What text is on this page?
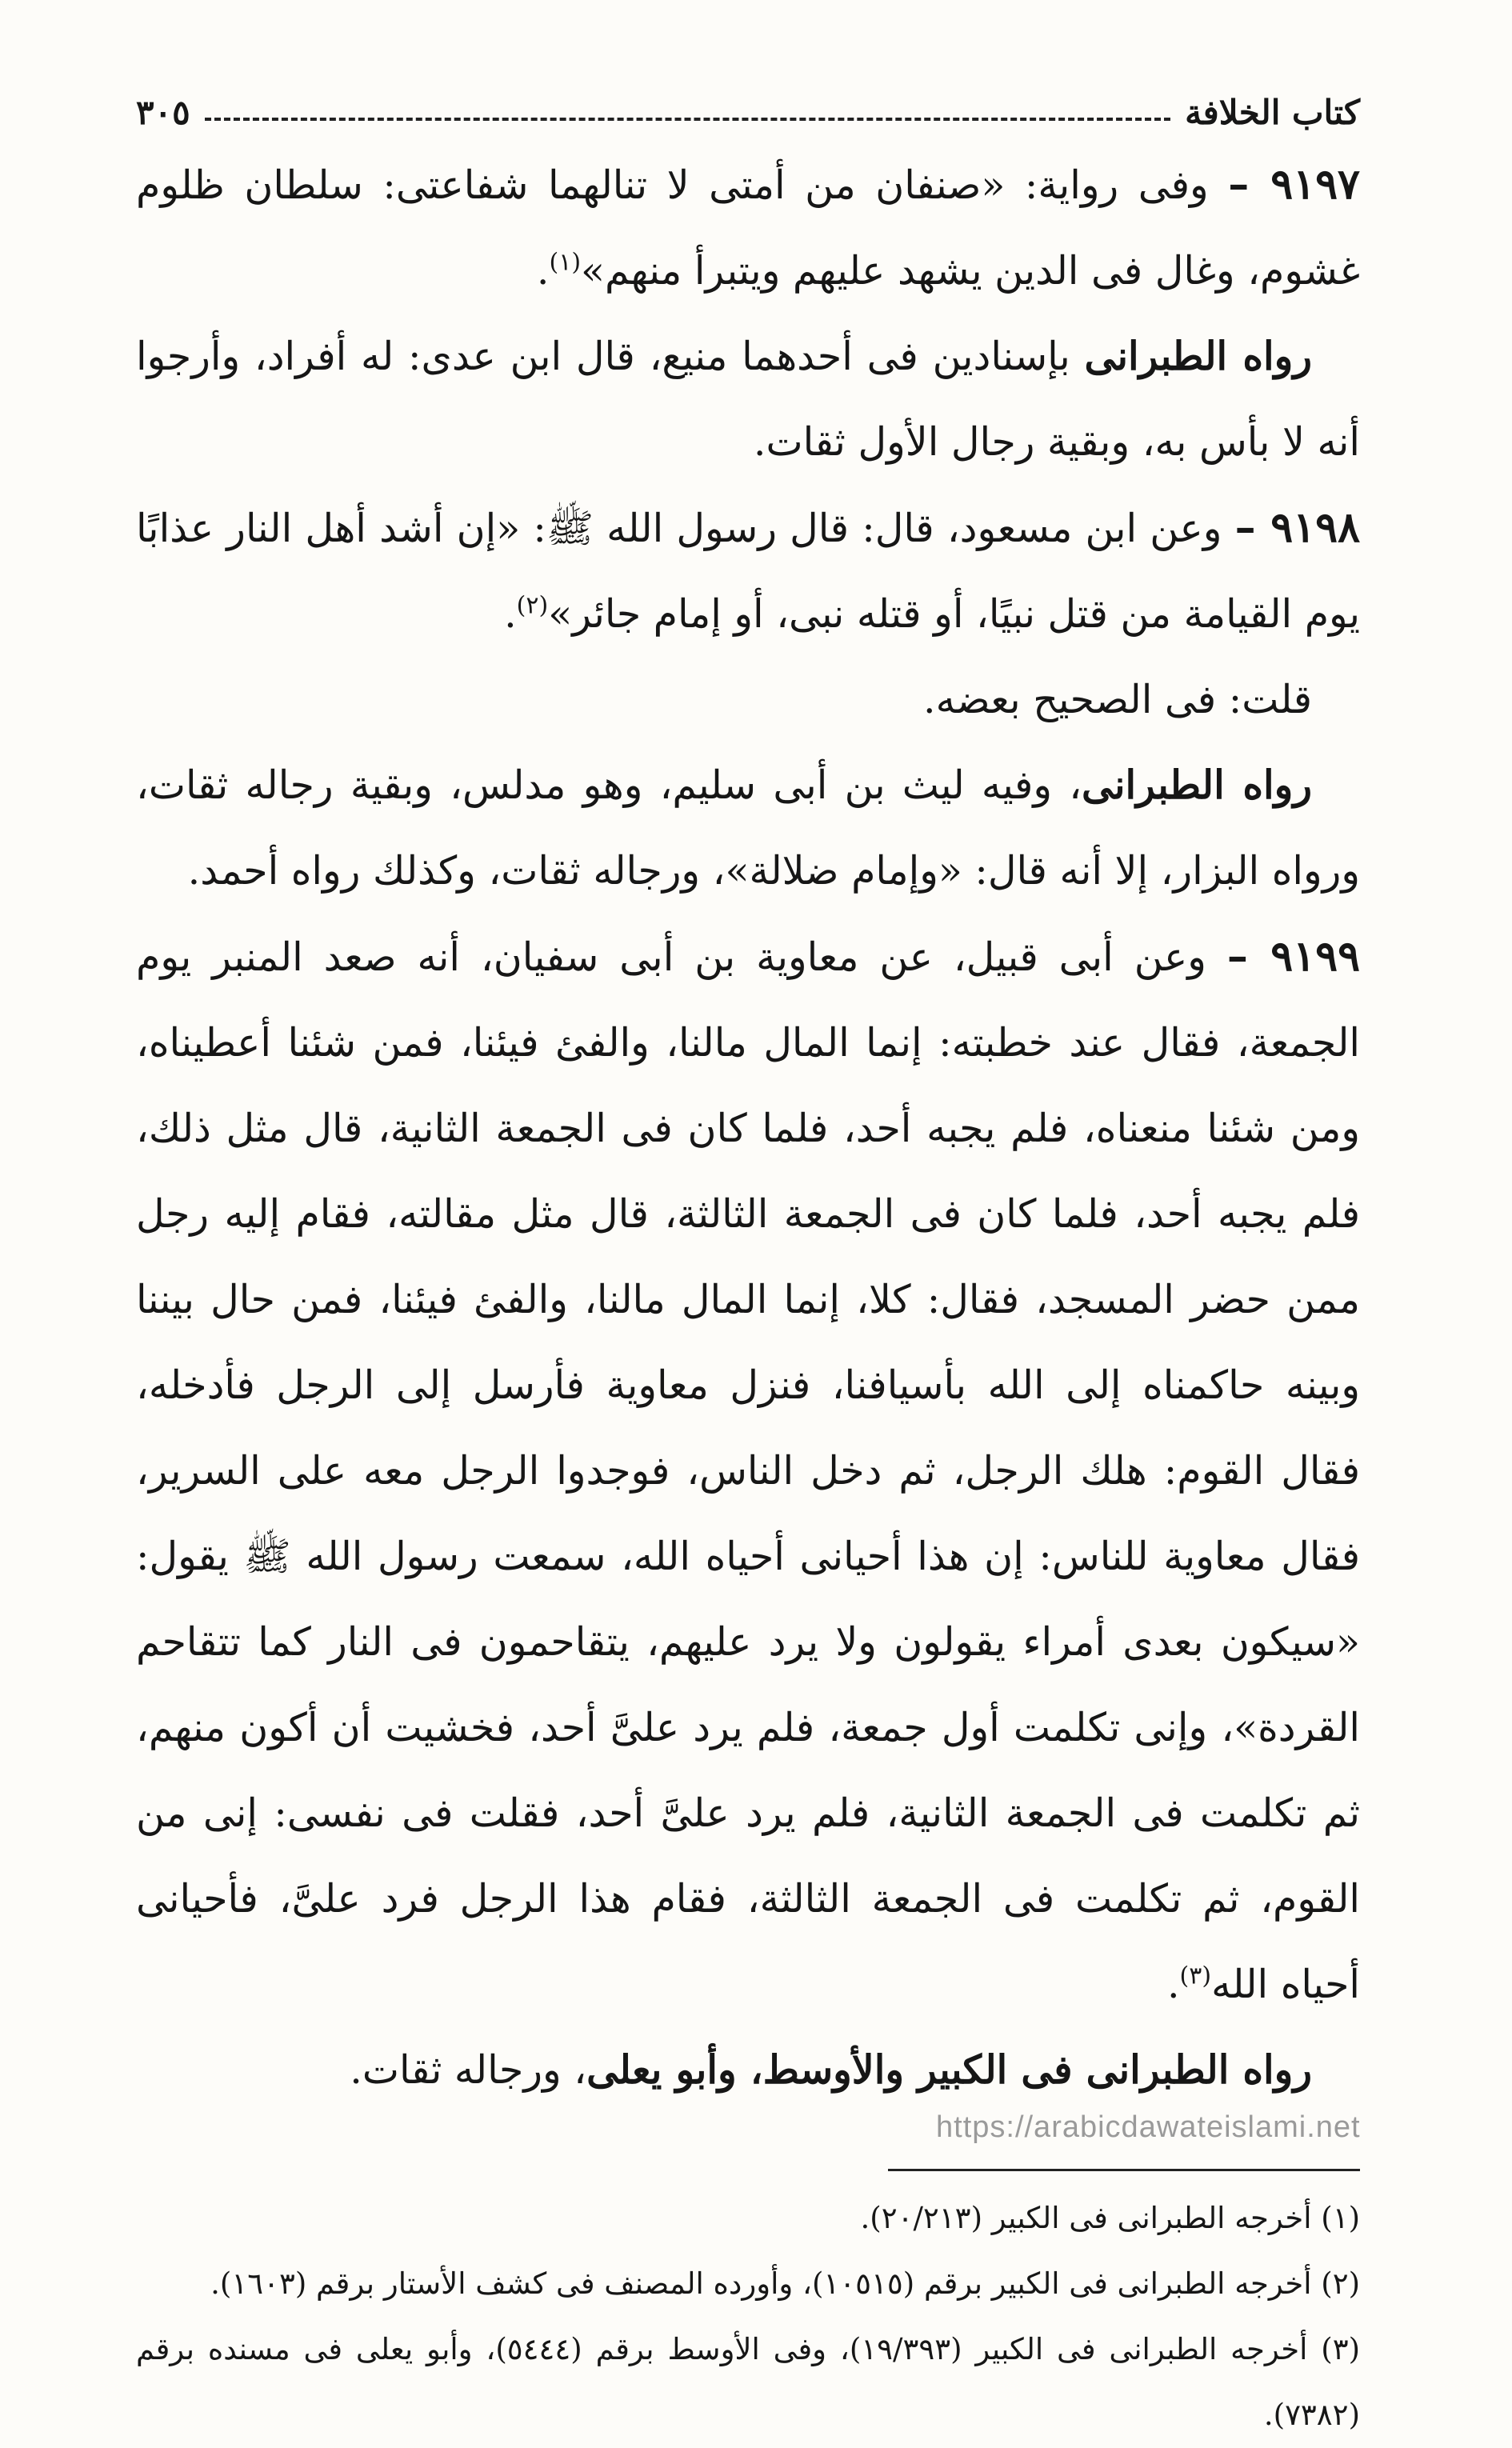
كتاب الخلافة
٣٠٥

٩١٩٧ – وفى رواية: «صنفان من أمتى لا تنالهما شفاعتى: سلطان ظلوم غشوم، وغال فى الدين يشهد عليهم ويتبرأ منهم»$^{(١)}$.

رواه الطبرانى بإسنادين فى أحدهما منيع، قال ابن عدى: له أفراد، وأرجوا أنه لا بأس به، وبقية رجال الأول ثقات.

٩١٩٨ – وعن ابن مسعود، قال: قال رسول الله ﷺ: «إن أشد أهل النار عذابًا يوم القيامة من قتل نبيًا، أو قتله نبى، أو إمام جائر»$^{(٢)}$.

قلت: فى الصحيح بعضه.

رواه الطبرانى، وفيه ليث بن أبى سليم، وهو مدلس، وبقية رجاله ثقات، ورواه البزار، إلا أنه قال: «وإمام ضلالة»، ورجاله ثقات، وكذلك رواه أحمد.

٩١٩٩ – وعن أبى قبيل، عن معاوية بن أبى سفيان، أنه صعد المنبر يوم الجمعة، فقال عند خطبته: إنما المال مالنا، والفئ فيئنا، فمن شئنا أعطيناه، ومن شئنا منعناه، فلم يجبه أحد، فلما كان فى الجمعة الثانية، قال مثل ذلك، فلم يجبه أحد، فلما كان فى الجمعة الثالثة، قال مثل مقالته، فقام إليه رجل ممن حضر المسجد، فقال: كلا، إنما المال مالنا، والفئ فيئنا، فمن حال بيننا وبينه حاكمناه إلى الله بأسيافنا، فنزل معاوية فأرسل إلى الرجل فأدخله، فقال القوم: هلك الرجل، ثم دخل الناس، فوجدوا الرجل معه على السرير، فقال معاوية للناس: إن هذا أحيانى أحياه الله، سمعت رسول الله ﷺ يقول: «سيكون بعدى أمراء يقولون ولا يرد عليهم، يتقاحمون فى النار كما تتقاحم القردة»، وإنى تكلمت أول جمعة، فلم يرد علىَّ أحد، فخشيت أن أكون منهم، ثم تكلمت فى الجمعة الثانية، فلم يرد علىَّ أحد، فقلت فى نفسى: إنى من القوم، ثم تكلمت فى الجمعة الثالثة، فقام هذا الرجل فرد علىَّ، فأحيانى أحياه الله$^{(٣)}$.

رواه الطبرانى فى الكبير والأوسط، وأبو يعلى، ورجاله ثقات.

(١) أخرجه الطبرانى فى الكبير (٢٠/٢١٣).

(٢) أخرجه الطبرانى فى الكبير برقم (١٠٥١٥)، وأورده المصنف فى كشف الأستار برقم (١٦٠٣).

(٣) أخرجه الطبرانى فى الكبير (١٩/٣٩٣)، وفى الأوسط برقم (٥٤٤٤)، وأبو يعلى فى مسنده برقم (٧٣٨٢).

https://arabicdawateislami.net
